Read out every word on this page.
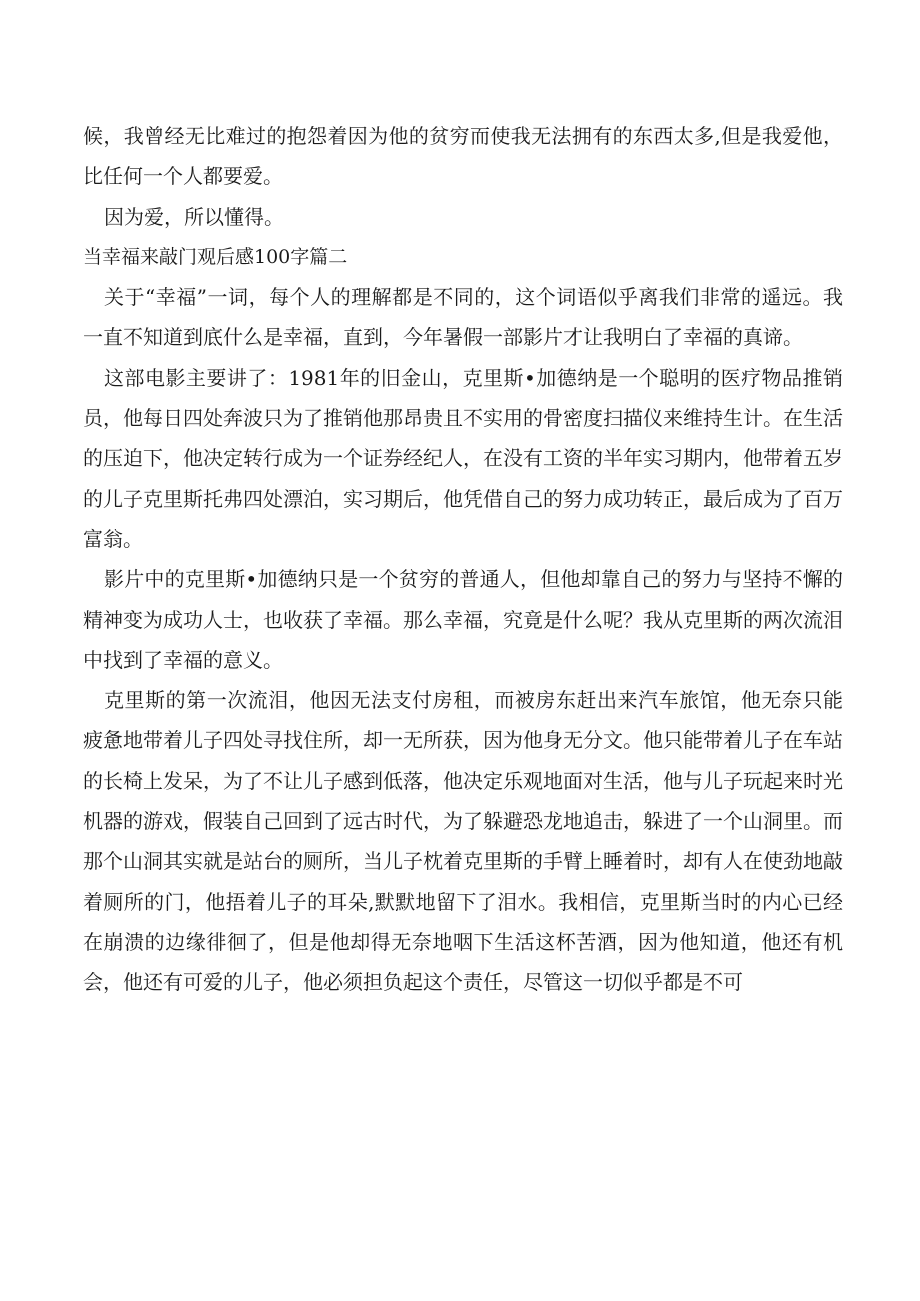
候，我曾经无比难过的抱怨着因为他的贫穷而使我无法拥有的东西太多,但是我爱他，比任何一个人都要爱。

因为爱，所以懂得。

当幸福来敲门观后感100字篇二

关于“幸福”一词，每个人的理解都是不同的，这个词语似乎离我们非常的遥远。我一直不知道到底什么是幸福，直到，今年暑假一部影片才让我明白了幸福的真谛。

这部电影主要讲了：1981年的旧金山，克里斯•加德纳是一个聪明的医疗物品推销员，他每日四处奔波只为了推销他那昂贵且不实用的骨密度扫描仪来维持生计。在生活的压迫下，他决定转行成为一个证券经纪人，在没有工资的半年实习期内，他带着五岁的儿子克里斯托弗四处漂泊，实习期后，他凭借自己的努力成功转正，最后成为了百万富翁。

影片中的克里斯•加德纳只是一个贫穷的普通人，但他却靠自己的努力与坚持不懈的精神变为成功人士，也收获了幸福。那么幸福，究竟是什么呢？我从克里斯的两次流泪中找到了幸福的意义。

克里斯的第一次流泪，他因无法支付房租，而被房东赶出来汽车旅馆，他无奈只能疲惫地带着儿子四处寻找住所，却一无所获，因为他身无分文。他只能带着儿子在车站的长椅上发呆，为了不让儿子感到低落，他决定乐观地面对生活，他与儿子玩起来时光机器的游戏，假装自己回到了远古时代，为了躲避恐龙地追击，躲进了一个山洞里。而那个山洞其实就是站台的厕所，当儿子枕着克里斯的手臂上睡着时，却有人在使劲地敲着厕所的门，他捂着儿子的耳朵,默默地留下了泪水。我相信，克里斯当时的内心已经在崩溃的边缘徘徊了，但是他却得无奈地咽下生活这杯苦酒，因为他知道，他还有机会，他还有可爱的儿子，他必须担负起这个责任，尽管这一切似乎都是不可
